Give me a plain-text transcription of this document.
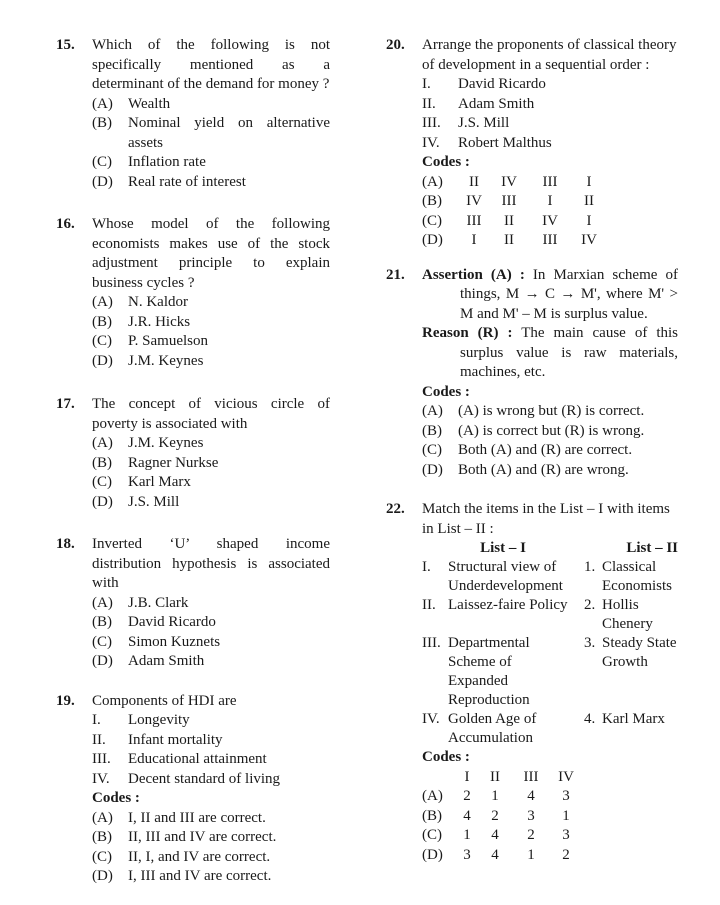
15. Which of the following is not specifically mentioned as a determinant of the demand for money ?
(A) Wealth
(B) Nominal yield on alternative assets
(C) Inflation rate
(D) Real rate of interest
16. Whose model of the following economists makes use of the stock adjustment principle to explain business cycles ?
(A) N. Kaldor
(B) J.R. Hicks
(C) P. Samuelson
(D) J.M. Keynes
17. The concept of vicious circle of poverty is associated with
(A) J.M. Keynes
(B) Ragner Nurkse
(C) Karl Marx
(D) J.S. Mill
18. Inverted ‘U’ shaped income distribution hypothesis is associated with
(A) J.B. Clark
(B) David Ricardo
(C) Simon Kuznets
(D) Adam Smith
19. Components of HDI are
I. Longevity
II. Infant mortality
III. Educational attainment
IV. Decent standard of living
Codes :
(A) I, II and III are correct.
(B) II, III and IV are correct.
(C) II, I, and IV are correct.
(D) I, III and IV are correct.
20. Arrange the proponents of classical theory of development in a sequential order :
I. David Ricardo
II. Adam Smith
III. J.S. Mill
IV. Robert Malthus
Codes :
(A)	II	IV	III	I
(B)	IV	III	I	II
(C)	III	II	IV	I
(D)	I	II	III	IV
21. Assertion (A) : In Marxian scheme of things, M → C → M', where M' > M and M' – M is surplus value.
Reason (R) : The main cause of this surplus value is raw materials, machines, etc.
Codes :
(A) (A) is wrong but (R) is correct.
(B) (A) is correct but (R) is wrong.
(C) Both (A) and (R) are correct.
(D) Both (A) and (R) are wrong.
22. Match the items in the List – I with items in List – II :
List – I		List – II	
I.	Structural view of Underdevelopment	1.	Classical Economists
II.	Laissez-faire Policy	2.	Hollis Chenery
III.	Departmental Scheme of Expanded Reproduction	3.	Steady State Growth
IV.	Golden Age of Accumulation	4.	Karl Marx
Codes :
	I	II	III	IV
(A)	2	1	4	3
(B)	4	2	3	1
(C)	1	4	2	3
(D)	3	4	1	2
